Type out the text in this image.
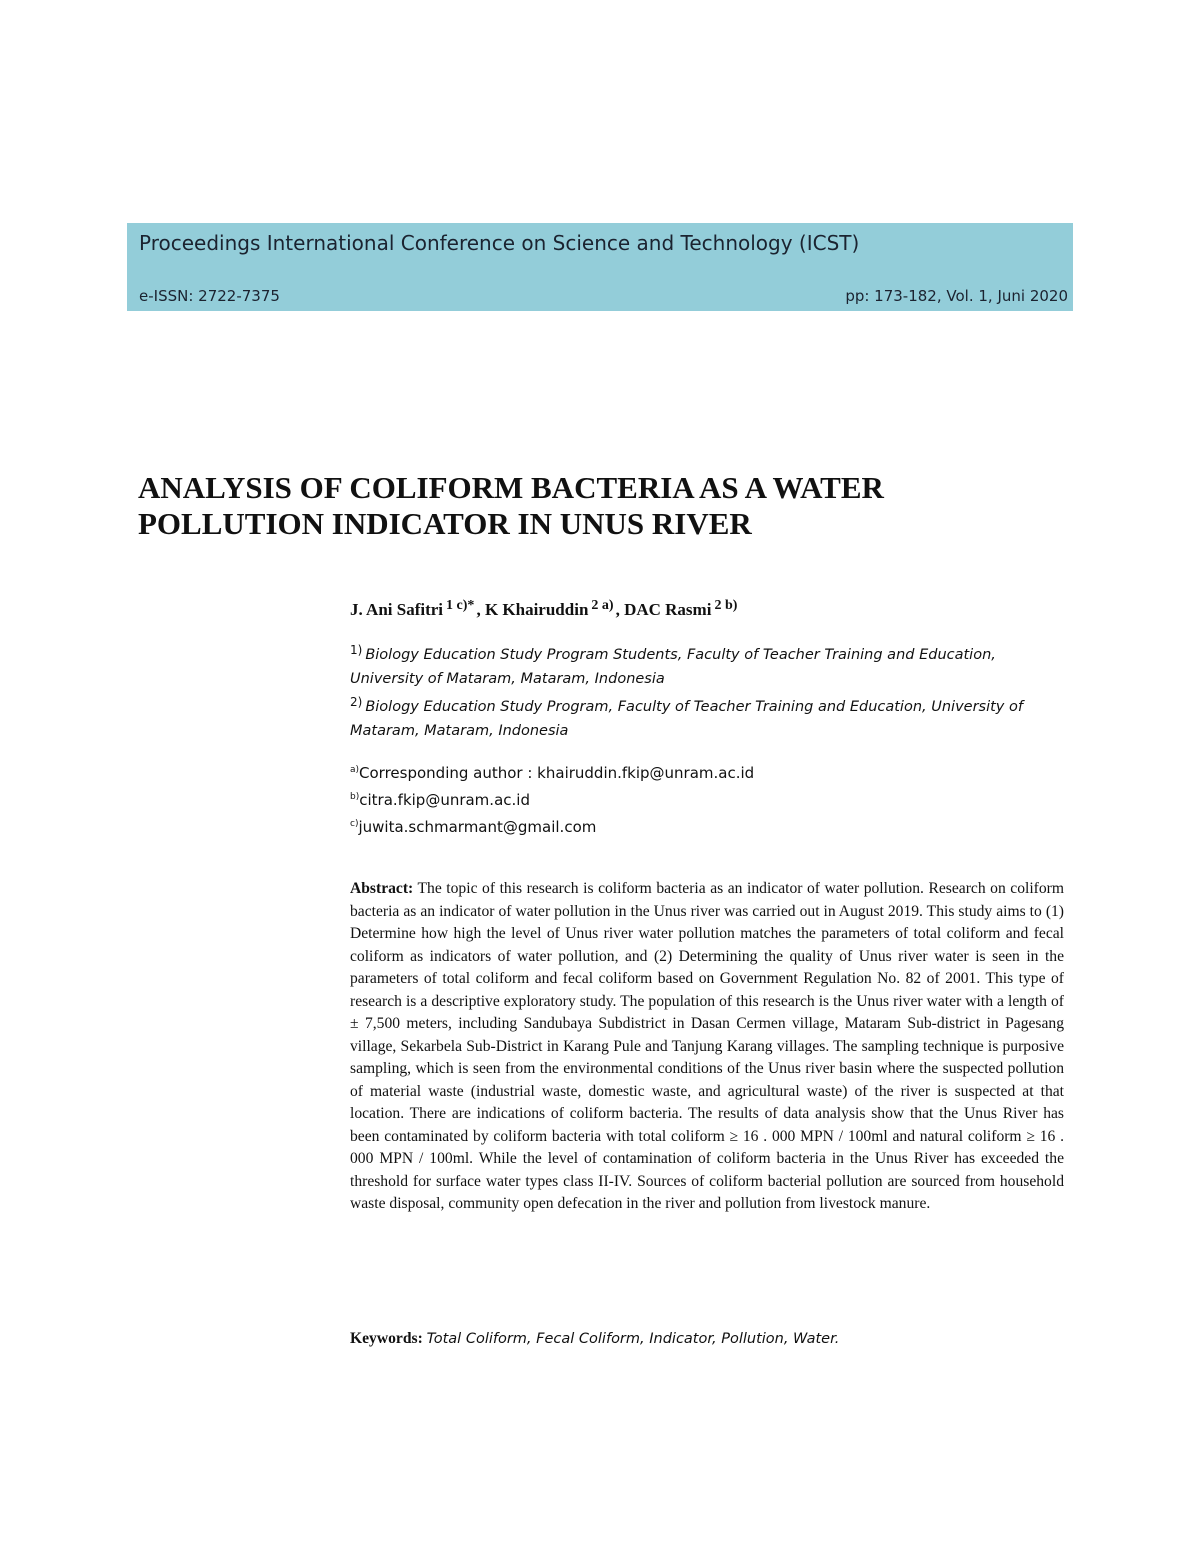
Proceedings International Conference on Science and Technology (ICST)
e-ISSN: 2722-7375	pp: 173-182, Vol. 1, Juni 2020
ANALYSIS OF COLIFORM BACTERIA AS A WATER
POLLUTION INDICATOR IN UNUS RIVER
J. Ani Safitri $^{1 c)*}$ , K Khairuddin $^{2 a)}$ , DAC Rasmi $^{2 b)}$
$^{1)}$ Biology Education Study Program Students, Faculty of Teacher Training and Education, University of Mataram, Mataram, Indonesia
$^{2)}$ Biology Education Study Program, Faculty of Teacher Training and Education, University of Mataram, Mataram, Indonesia
$^{a)}$Corresponding author : khairuddin.fkip@unram.ac.id
$^{b)}$citra.fkip@unram.ac.id
$^{c)}$juwita.schmarmant@gmail.com

Abstract: The topic of this research is coliform bacteria as an indicator of water pollution. Research on coliform bacteria as an indicator of water pollution in the Unus river was carried out in August 2019. This study aims to (1) Determine how high the level of Unus river water pollution matches the parameters of total coliform and fecal coliform as indicators of water pollution, and (2) Determining the quality of Unus river water is seen in the parameters of total coliform and fecal coliform based on Government Regulation No. 82 of 2001. This type of research is a descriptive exploratory study. The population of this research is the Unus river water with a length of ± 7,500 meters, including Sandubaya Subdistrict in Dasan Cermen village, Mataram Sub-district in Pagesang village, Sekarbela Sub-District in Karang Pule and Tanjung Karang villages. The sampling technique is purposive sampling, which is seen from the environmental conditions of the Unus river basin where the suspected pollution of material waste (industrial waste, domestic waste, and agricultural waste) of the river is suspected at that location. There are indications of coliform bacteria. The results of data analysis show that the Unus River has been contaminated by coliform bacteria with total coliform ≥ 16 . 000 MPN / 100ml and natural coliform ≥ 16 . 000 MPN / 100ml. While the level of contamination of coliform bacteria in the Unus River has exceeded the threshold for surface water types class II-IV. Sources of coliform bacterial pollution are sourced from household waste disposal, community open defecation in the river and pollution from livestock manure.

Keywords: Total Coliform, Fecal Coliform, Indicator, Pollution, Water.
